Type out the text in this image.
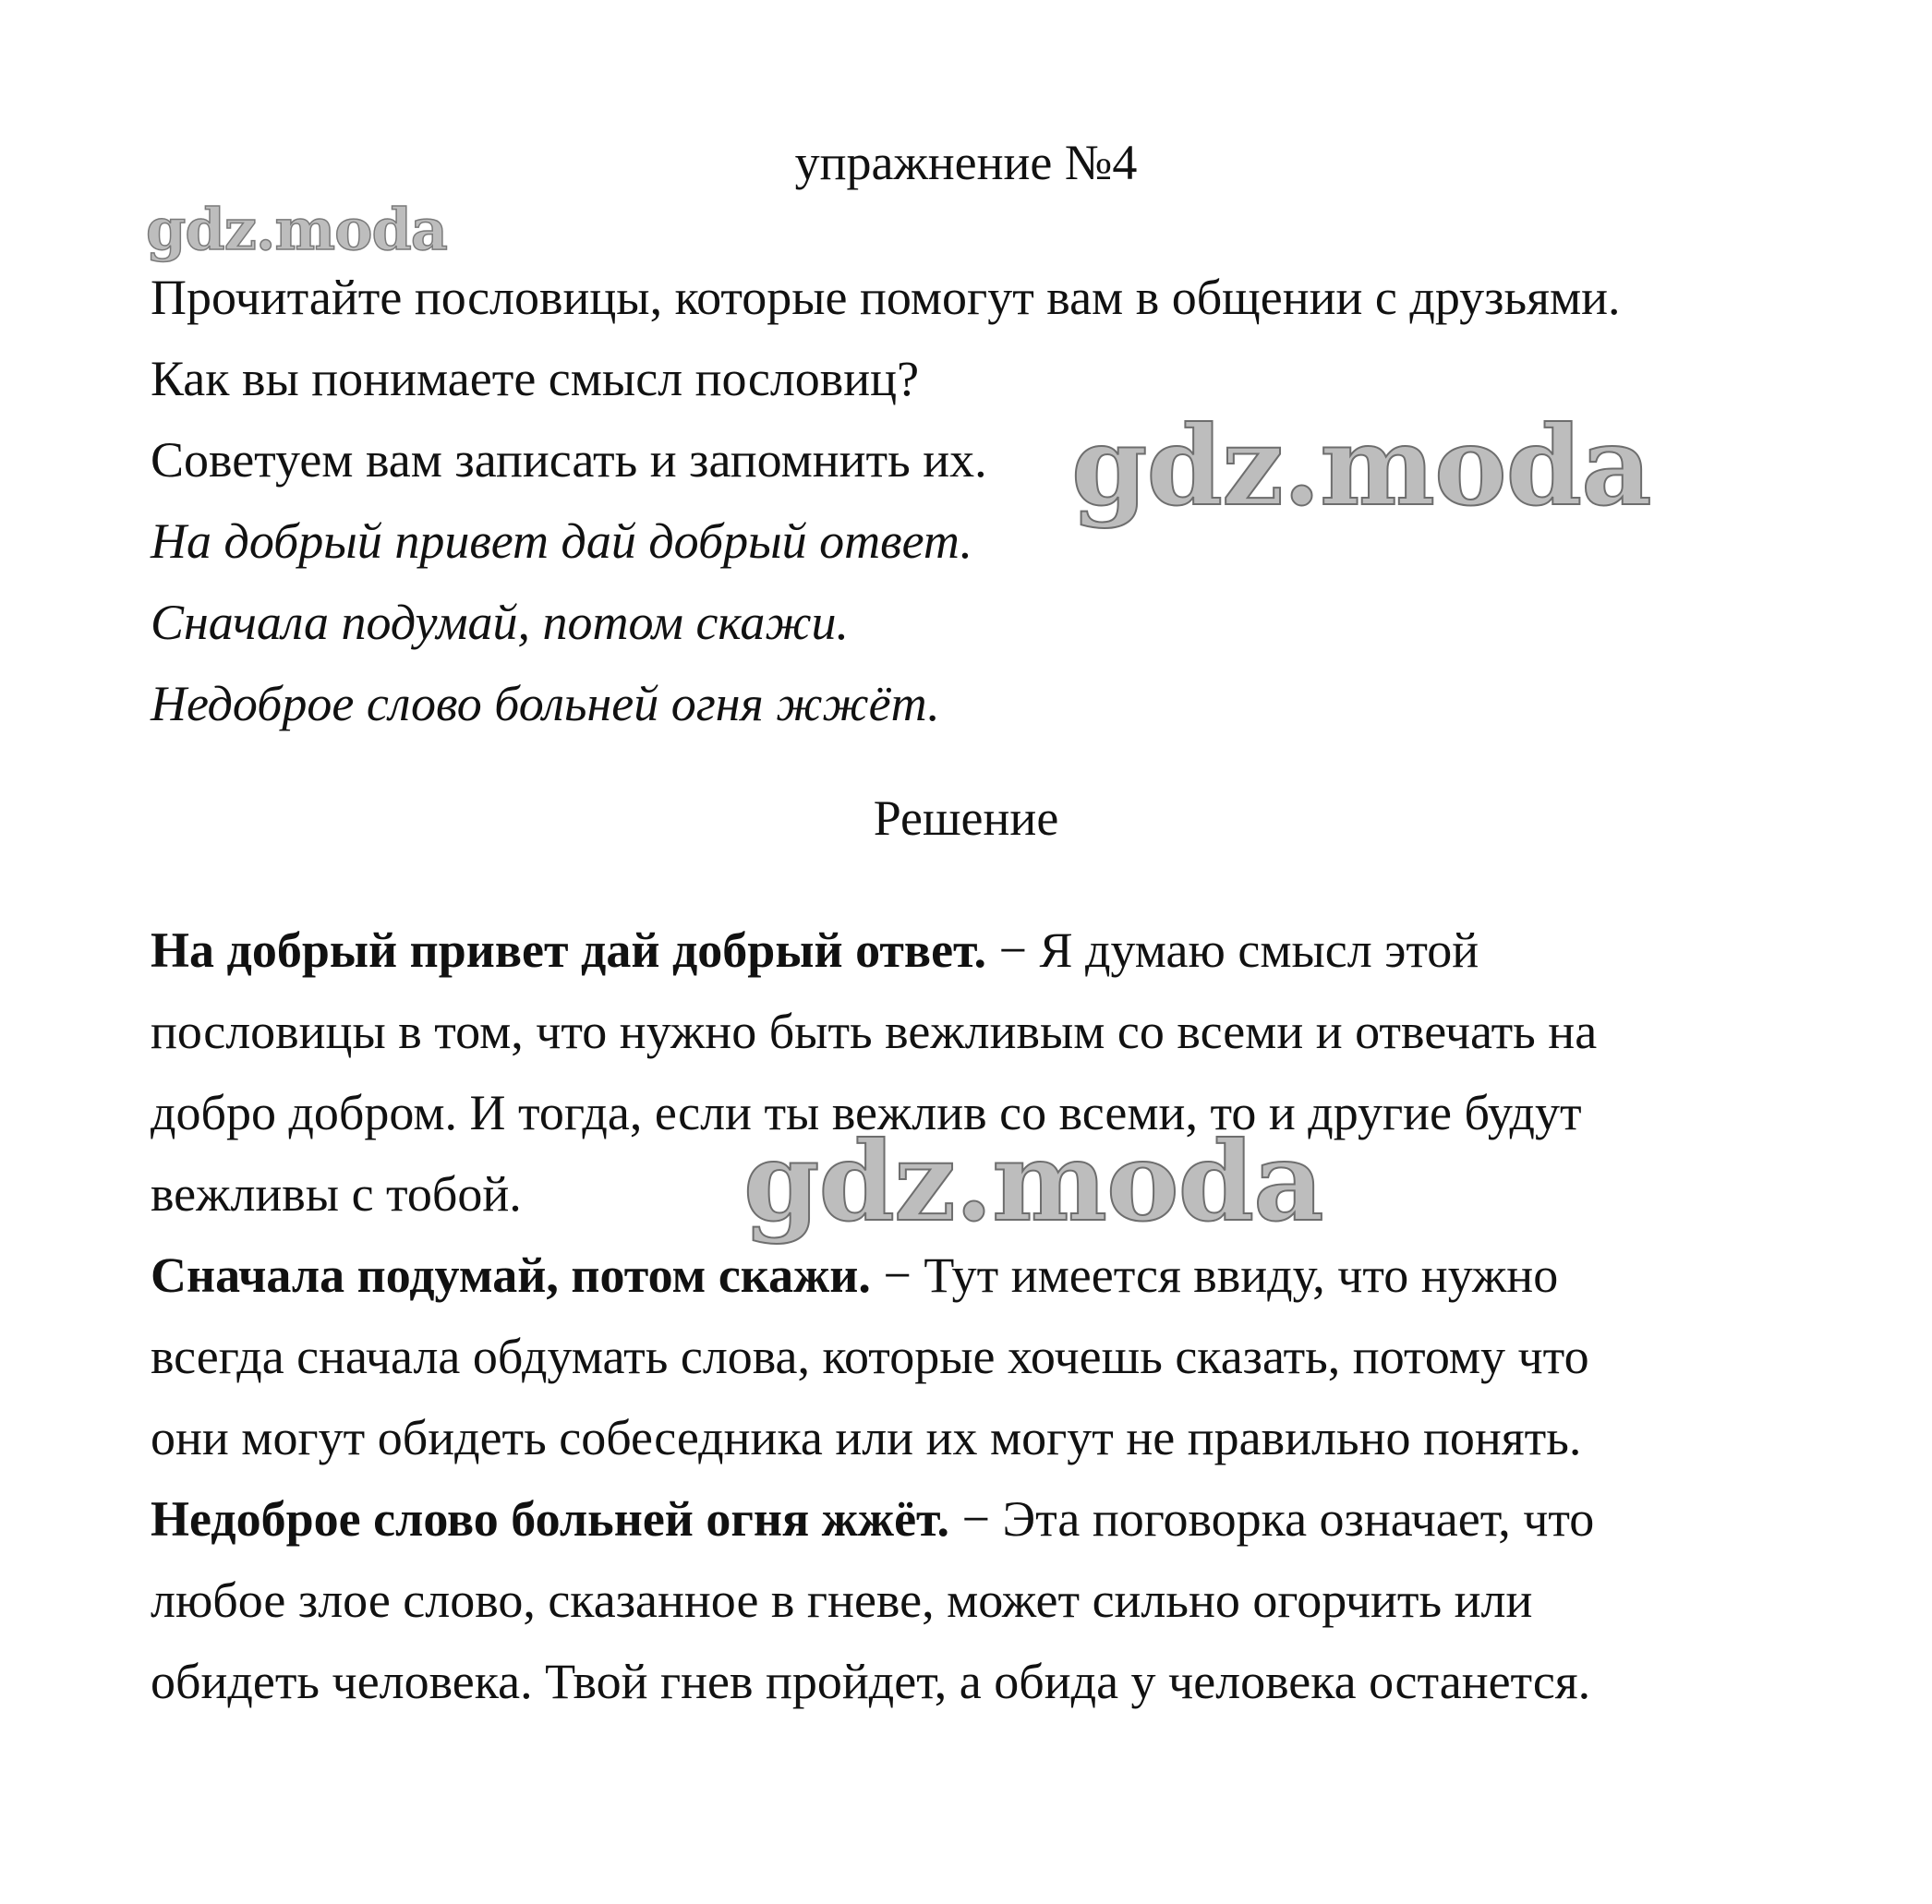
упражнение №4
gdz.moda
Прочитайте пословицы, которые помогут вам в общении с друзьями.
Как вы понимаете смысл пословиц?
Советуем вам записать и запомнить их.
На добрый привет дай добрый ответ.
Сначала подумай, потом скажи.
Недоброе слово больней огня жжёт.
gdz.moda
Решение

На добрый привет дай добрый ответ. − Я думаю смысл этой
пословицы в том, что нужно быть вежливым со всеми и отвечать на
добро добром. И тогда, если ты вежлив со всеми, то и другие будут
вежливы с тобой.

Сначала подумай, потом скажи. − Тут имеется ввиду, что нужно
всегда сначала обдумать слова, которые хочешь сказать, потому что
они могут обидеть собеседника или их могут не правильно понять.

Недоброе слово больней огня жжёт. − Эта поговорка означает, что
любое злое слово, сказанное в гневе, может сильно огорчить или
обидеть человека. Твой гнев пройдет, а обида у человека останется.

gdz.moda
